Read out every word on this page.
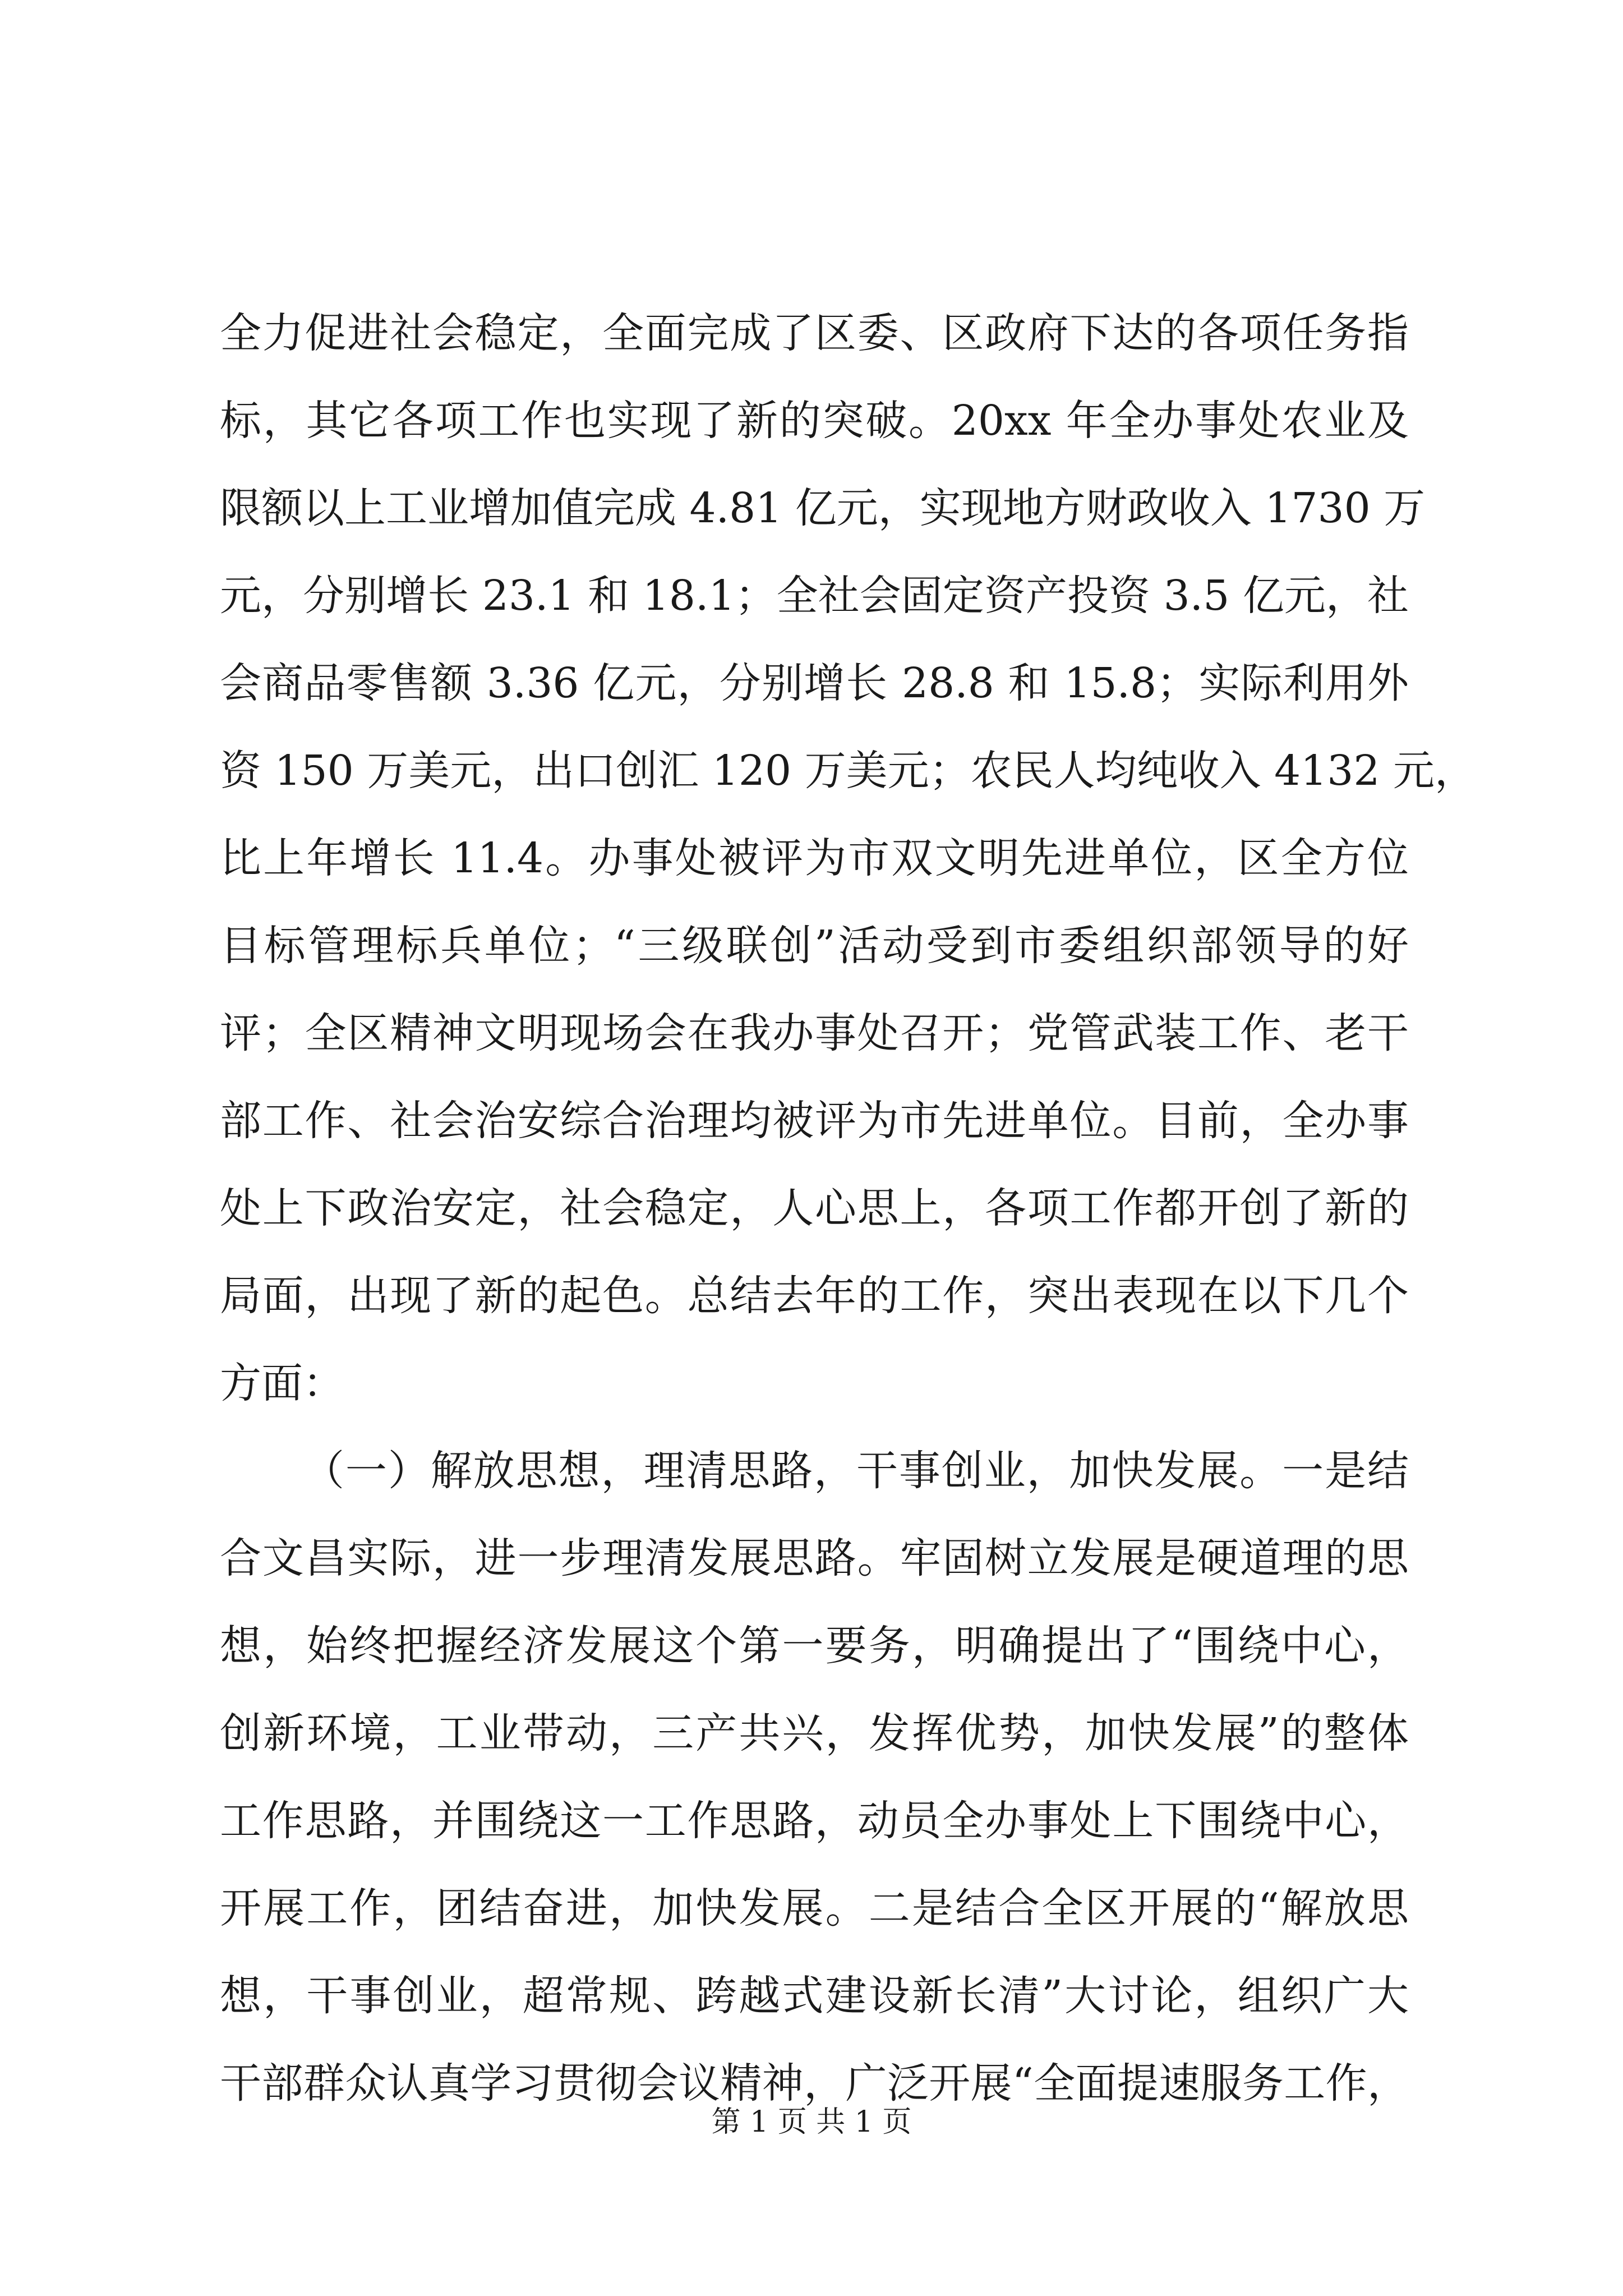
全力促进社会稳定，全面完成了区委、区政府下达的各项任务指
标，其它各项工作也实现了新的突破。20xx 年全办事处农业及
限额以上工业增加值完成 4.81 亿元，实现地方财政收入 1730 万
元，分别增长 23.1 和 18.1；全社会固定资产投资 3.5 亿元，社
会商品零售额 3.36 亿元，分别增长 28.8 和 15.8；实际利用外
资 150 万美元，出口创汇 120 万美元；农民人均纯收入 4132 元，
比上年增长 11.4。办事处被评为市双文明先进单位，区全方位
目标管理标兵单位；“三级联创”活动受到市委组织部领导的好
评；全区精神文明现场会在我办事处召开；党管武装工作、老干
部工作、社会治安综合治理均被评为市先进单位。目前，全办事
处上下政治安定，社会稳定，人心思上，各项工作都开创了新的
局面，出现了新的起色。总结去年的工作，突出表现在以下几个
方面：
（一）解放思想，理清思路，干事创业，加快发展。一是结
合文昌实际，进一步理清发展思路。牢固树立发展是硬道理的思
想，始终把握经济发展这个第一要务，明确提出了“围绕中心，
创新环境，工业带动，三产共兴，发挥优势，加快发展”的整体
工作思路，并围绕这一工作思路，动员全办事处上下围绕中心，
开展工作，团结奋进，加快发展。二是结合全区开展的“解放思
想，干事创业，超常规、跨越式建设新长清”大讨论，组织广大
干部群众认真学习贯彻会议精神，广泛开展“全面提速服务工作，
第 1 页 共 1 页
